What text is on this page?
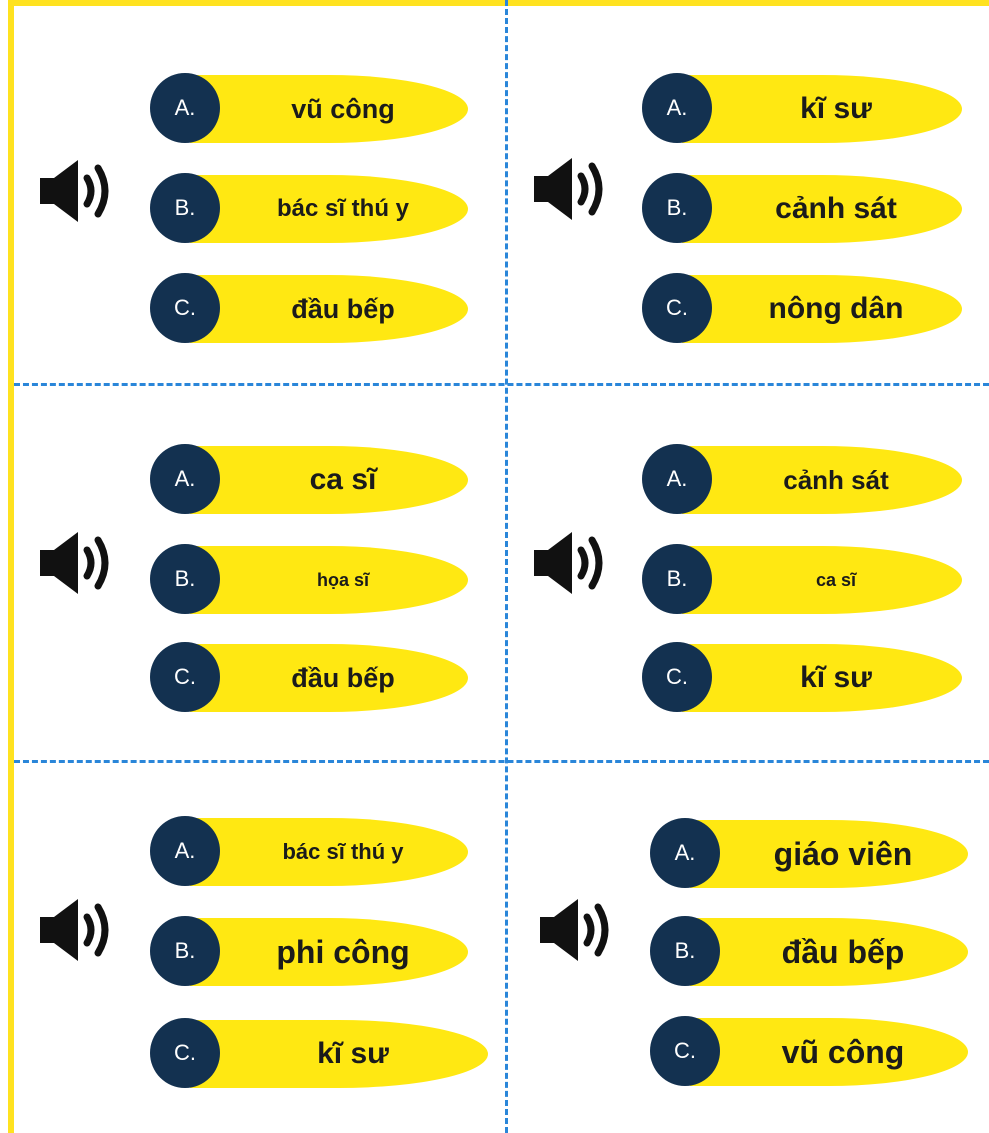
vũ công
A.
bác sĩ thú y
B.
đầu bếp
C.
kĩ sư
A.
cảnh sát
B.
nông dân
C.
ca sĩ
A.
họa sĩ
B.
đầu bếp
C.
cảnh sát
A.
ca sĩ
B.
kĩ sư
C.
bác sĩ thú y
A.
phi công
B.
kĩ sư
C.
giáo viên
A.
đầu bếp
B.
vũ công
C.
